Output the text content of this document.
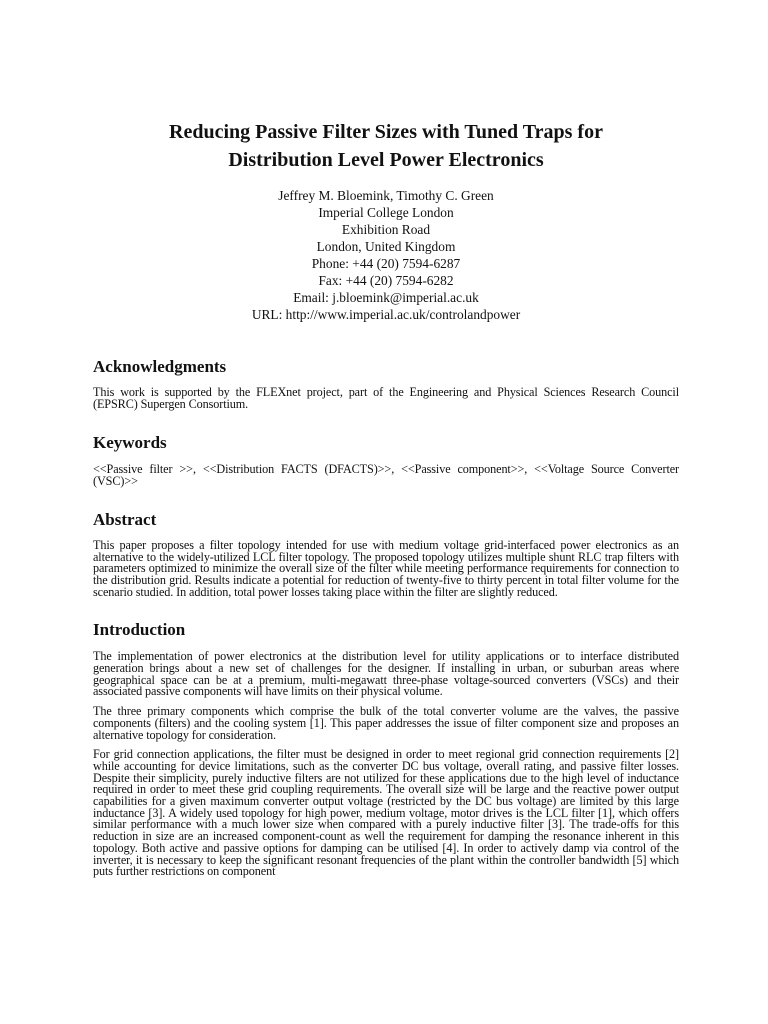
Reducing Passive Filter Sizes with Tuned Traps for
Distribution Level Power Electronics
Jeffrey M. Bloemink, Timothy C. Green
Imperial College London
Exhibition Road
London, United Kingdom
Phone: +44 (20) 7594-6287
Fax: +44 (20) 7594-6282
Email: j.bloemink@imperial.ac.uk
URL: http://www.imperial.ac.uk/controlandpower
Acknowledgments

This work is supported by the FLEXnet project, part of the Engineering and Physical Sciences Research Council (EPSRC) Supergen Consortium.

Keywords

<<Passive filter >>, <<Distribution FACTS (DFACTS)>>, <<Passive component>>, <<Voltage Source Converter (VSC)>>

Abstract

This paper proposes a filter topology intended for use with medium voltage grid-interfaced power electronics as an alternative to the widely-utilized LCL filter topology. The proposed topology utilizes multiple shunt RLC trap filters with parameters optimized to minimize the overall size of the filter while meeting performance requirements for connection to the distribution grid. Results indicate a potential for reduction of twenty-five to thirty percent in total filter volume for the scenario studied. In addition, total power losses taking place within the filter are slightly reduced.

Introduction

The implementation of power electronics at the distribution level for utility applications or to interface distributed generation brings about a new set of challenges for the designer. If installing in urban, or suburban areas where geographical space can be at a premium, multi-megawatt three-phase voltage-sourced converters (VSCs) and their associated passive components will have limits on their physical volume.

The three primary components which comprise the bulk of the total converter volume are the valves, the passive components (filters) and the cooling system [1]. This paper addresses the issue of filter component size and proposes an alternative topology for consideration.

For grid connection applications, the filter must be designed in order to meet regional grid connection requirements [2] while accounting for device limitations, such as the converter DC bus voltage, overall rating, and passive filter losses. Despite their simplicity, purely inductive filters are not utilized for these applications due to the high level of inductance required in order to meet these grid coupling requirements. The overall size will be large and the reactive power output capabilities for a given maximum converter output voltage (restricted by the DC bus voltage) are limited by this large inductance [3]. A widely used topology for high power, medium voltage, motor drives is the LCL filter [1], which offers similar performance with a much lower size when compared with a purely inductive filter [3]. The trade-offs for this reduction in size are an increased component-count as well the requirement for damping the resonance inherent in this topology. Both active and passive options for damping can be utilised [4]. In order to actively damp via control of the inverter, it is necessary to keep the significant resonant frequencies of the plant within the controller bandwidth [5] which puts further restrictions on component
